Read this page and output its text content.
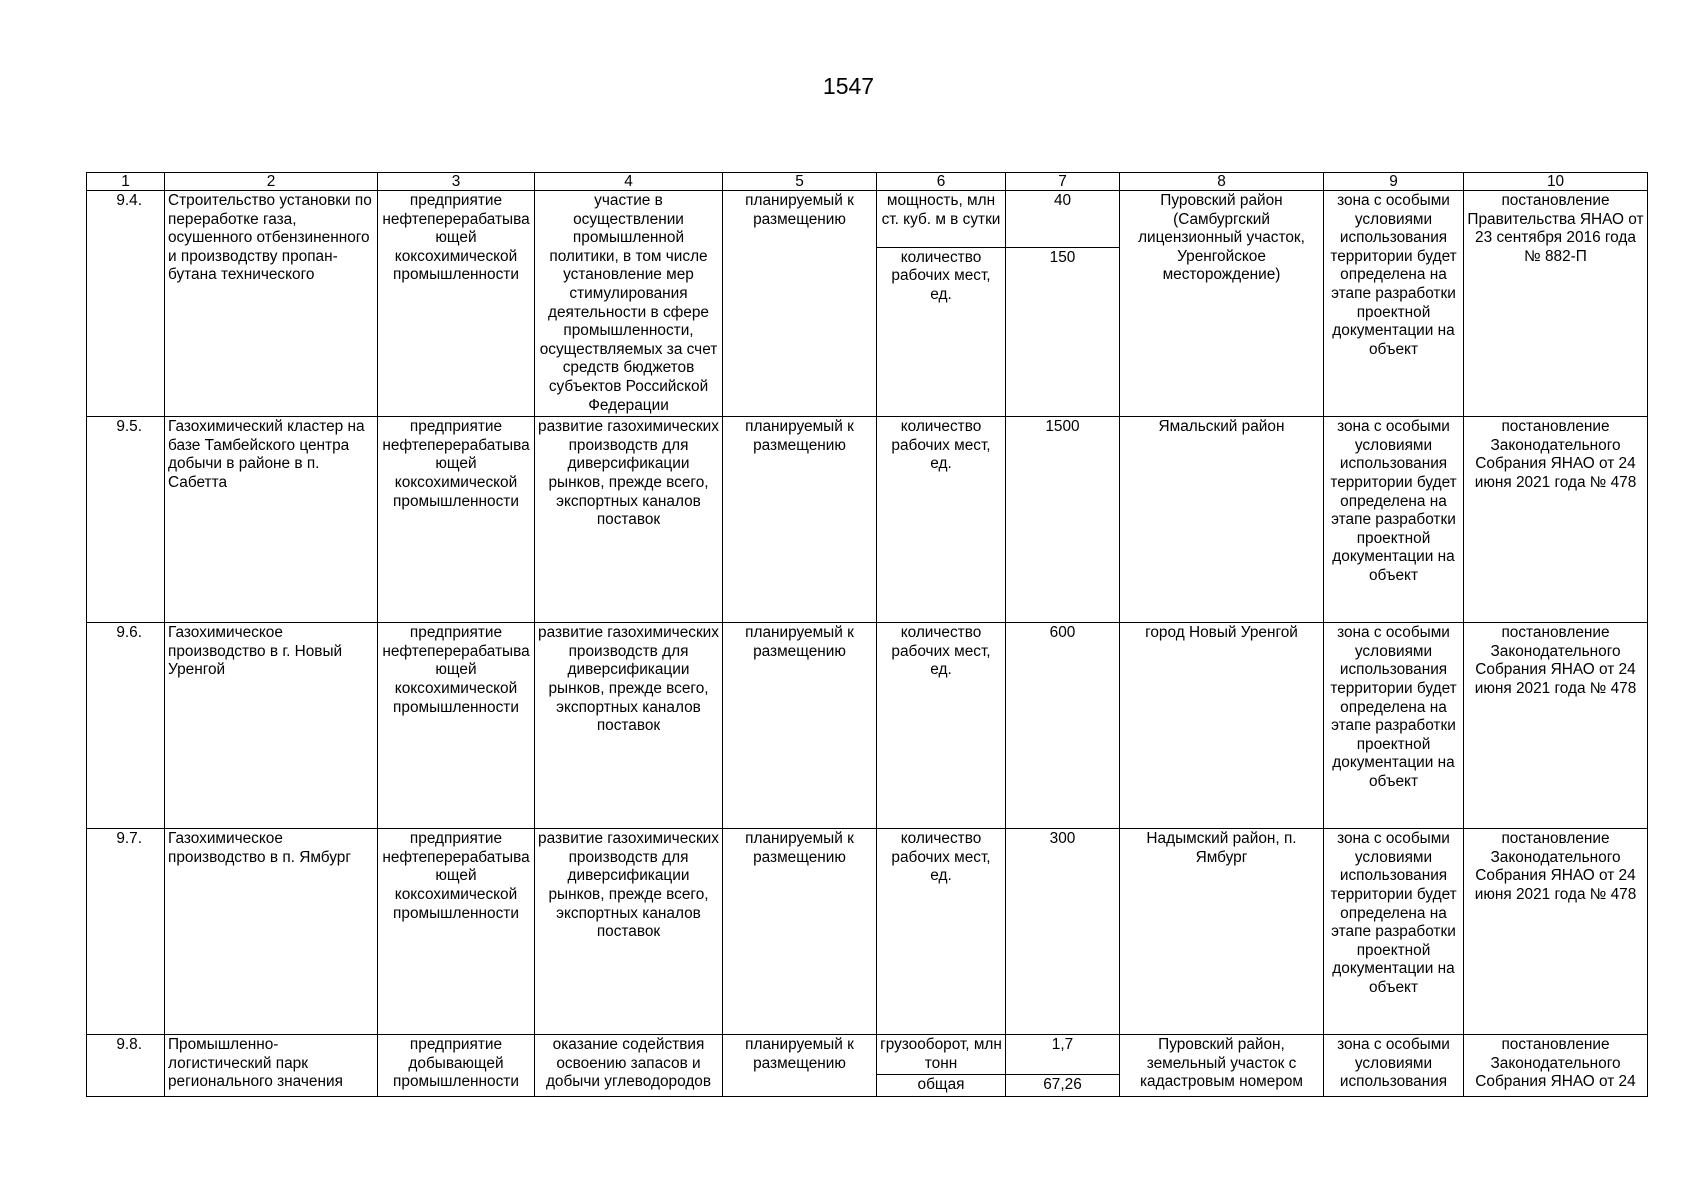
1547
1	2	3	4	5	6	7	8	9	10
9.4.	Строительство установки по переработке газа, осушенного отбензиненного и производству пропан-бутана технического	предприятие нефтеперерабатывающей коксохимической промышленности	участие в осуществлении промышленной политики, в том числе установление мер стимулирования деятельности в сфере промышленности, осуществляемых за счет средств бюджетов субъектов Российской Федерации	планируемый к размещению	мощность, млн ст. куб. м в сутки	40	Пуровский район (Самбургский лицензионный участок, Уренгойское месторождение)	зона с особыми условиями использования территории будет определена на этапе разработки проектной документации на объект	постановление Правительства ЯНАО от 23 сентября 2016 года № 882-П
					количество рабочих мест, ед.	150			
9.5.	Газохимический кластер на базе Тамбейского центра добычи в районе в п. Сабетта	предприятие нефтеперерабатывающей коксохимической промышленности	развитие газохимических производств для диверсификации рынков, прежде всего, экспортных каналов поставок	планируемый к размещению	количество рабочих мест, ед.	1500	Ямальский район	зона с особыми условиями использования территории будет определена на этапе разработки проектной документации на объект	постановление Законодательного Собрания ЯНАО от 24 июня 2021 года № 478
9.6.	Газохимическое производство в г. Новый Уренгой	предприятие нефтеперерабатывающей коксохимической промышленности	развитие газохимических производств для диверсификации рынков, прежде всего, экспортных каналов поставок	планируемый к размещению	количество рабочих мест, ед.	600	город Новый Уренгой	зона с особыми условиями использования территории будет определена на этапе разработки проектной документации на объект	постановление Законодательного Собрания ЯНАО от 24 июня 2021 года № 478
9.7.	Газохимическое производство в п. Ямбург	предприятие нефтеперерабатывающей коксохимической промышленности	развитие газохимических производств для диверсификации рынков, прежде всего, экспортных каналов поставок	планируемый к размещению	количество рабочих мест, ед.	300	Надымский район, п. Ямбург	зона с особыми условиями использования территории будет определена на этапе разработки проектной документации на объект	постановление Законодательного Собрания ЯНАО от 24 июня 2021 года № 478
9.8.	Промышленно-логистический парк регионального значения	предприятие добывающей промышленности	оказание содействия освоению запасов и добычи углеводородов	планируемый к размещению	грузооборот, млн тонн	1,7	Пуровский район, земельный участок с кадастровым номером	зона с особыми условиями использования	постановление Законодательного Собрания ЯНАО от 24
					общая	67,26			
